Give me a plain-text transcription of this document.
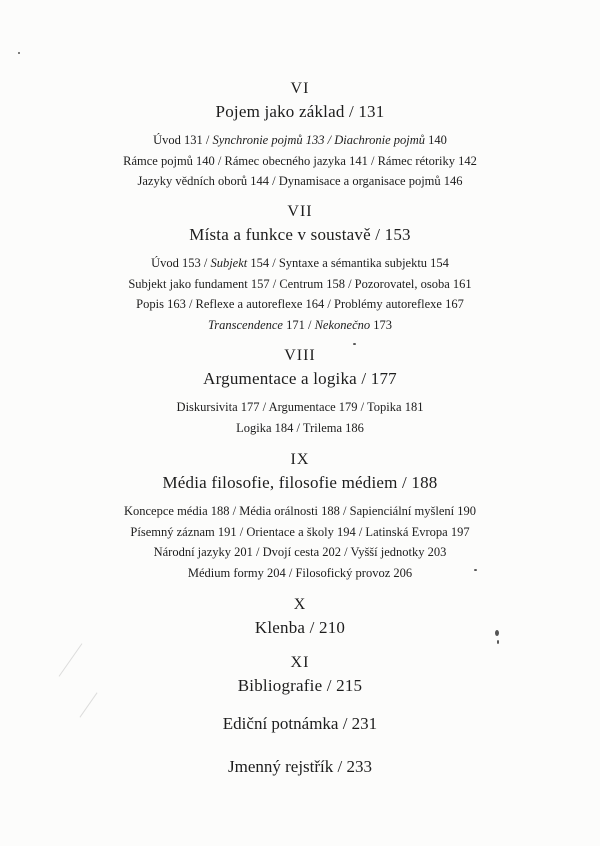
VI
Pojem jako základ / 131
Úvod 131 / Synchronie pojmů 133 / Diachronie pojmů 140
Rámce pojmů 140 / Rámec obecného jazyka 141 / Rámec rétoriky 142
Jazyky vědních oborů 144 / Dynamisace a organisace pojmů 146
VII
Místa a funkce v soustavě / 153
Úvod 153 / Subjekt 154 / Syntaxe a sémantika subjektu 154
Subjekt jako fundament 157 / Centrum 158 / Pozorovatel, osoba 161
Popis 163 / Reflexe a autoreflexe 164 / Problémy autoreflexe 167
Transcendence 171 / Nekonečno 173
VIII
Argumentace a logika / 177
Diskursivita 177 / Argumentace 179 / Topika 181
Logika 184 / Trilema 186
IX
Média filosofie, filosofie médiem / 188
Koncepce média 188 / Média orálnosti 188 / Sapienciální myšlení 190
Písemný záznam 191 / Orientace a školy 194 / Latinská Evropa 197
Národní jazyky 201 / Dvojí cesta 202 / Vyšší jednotky 203
Médium formy 204 / Filosofický provoz 206
X
Klenba / 210
XI
Bibliografie / 215
Ediční potnámka / 231
Jmenný rejstřík / 233
